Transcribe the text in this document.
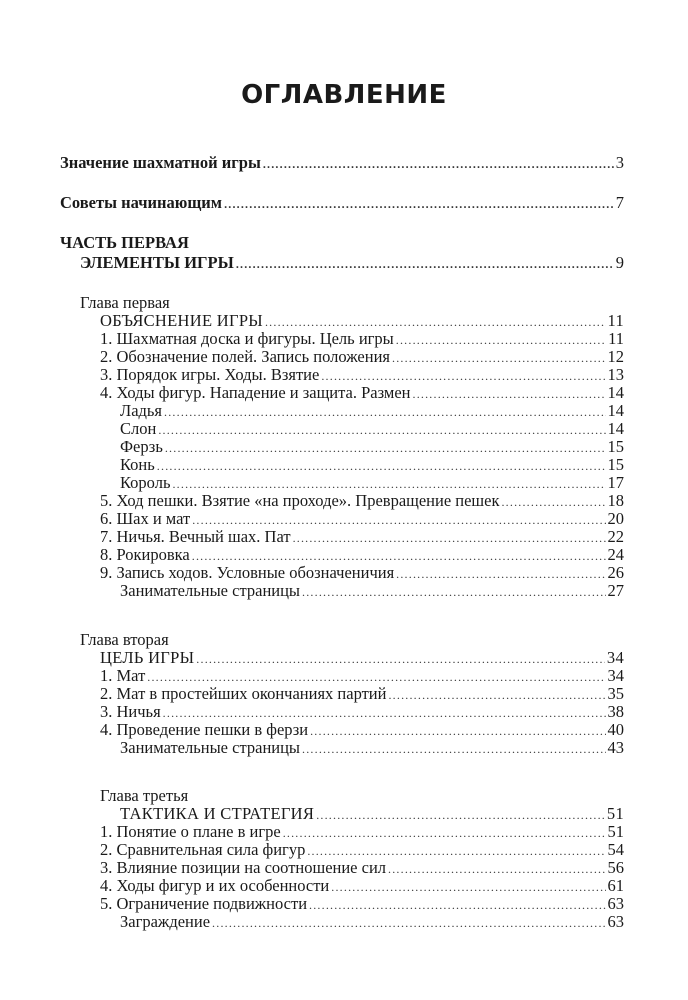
ОГЛАВЛЕНИЕ
Значение шахматной игры .....	3
Советы начинающим .....	7
ЧАСТЬ ПЕРВАЯ
ЭЛЕМЕНТЫ ИГРЫ .....	9
Глава первая
ОБЪЯСНЕНИЕ ИГРЫ .....	11
1. Шахматная доска и фигуры. Цель игры .....	11
2. Обозначение полей. Запись положения .....	12
3. Порядок игры. Ходы. Взятие .....	13
4. Ходы фигур. Нападение и защита. Размен .....	14
Ладья .....	14
Слон .....	14
Ферзь .....	15
Конь .....	15
Король .....	17
5. Ход пешки. Взятие «на проходе». Превращение пешек .....	18
6. Шах и мат .....	20
7. Ничья. Вечный шах. Пат .....	22
8. Рокировка .....	24
9. Запись ходов. Условные обозначеничия .....	26
Занимательные страницы .....	27
Глава вторая
ЦЕЛЬ ИГРЫ .....	34
1. Мат .....	34
2. Мат в простейших окончаниях партий .....	35
3. Ничья .....	38
4. Проведение пешки в ферзи .....	40
Занимательные страницы .....	43
Глава третья
ТАКТИКА И СТРАТЕГИЯ .....	51
1. Понятие о плане в игре .....	51
2. Сравнительная сила фигур .....	54
3. Влияние позиции на соотношение сил .....	56
4. Ходы фигур и их особенности .....	61
5. Ограничение подвижности .....	63
Заграждение .....	63
